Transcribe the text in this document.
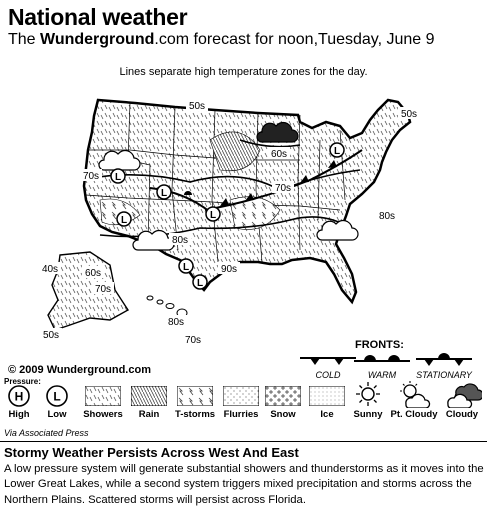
National weather
The Wunderground.com forecast for noon,Tuesday, June 9
Lines separate high temperature zones for the day.
L
L
L
L	L
L
L
50s
50s
60s
70s
70s
80s
80s
90s
40s	60s
70s
80s
70s
50s
© 2009 Wunderground.com
FRONTS:
COLD	WARM	STATIONARY
Pressure:
H
High
L
Low	Showers	Rain	T-storms Flurries	Snow	Ice	Sunny Pt. Cloudy Cloudy
Via Associated Press
Stormy Weather Persists Across West And East
A low pressure system will generate substantial showers and thunderstorms as it moves into the Lower Great Lakes, while a second system triggers mixed precipitation and storms across the Northern Plains. Scattered storms will persist across Florida.
